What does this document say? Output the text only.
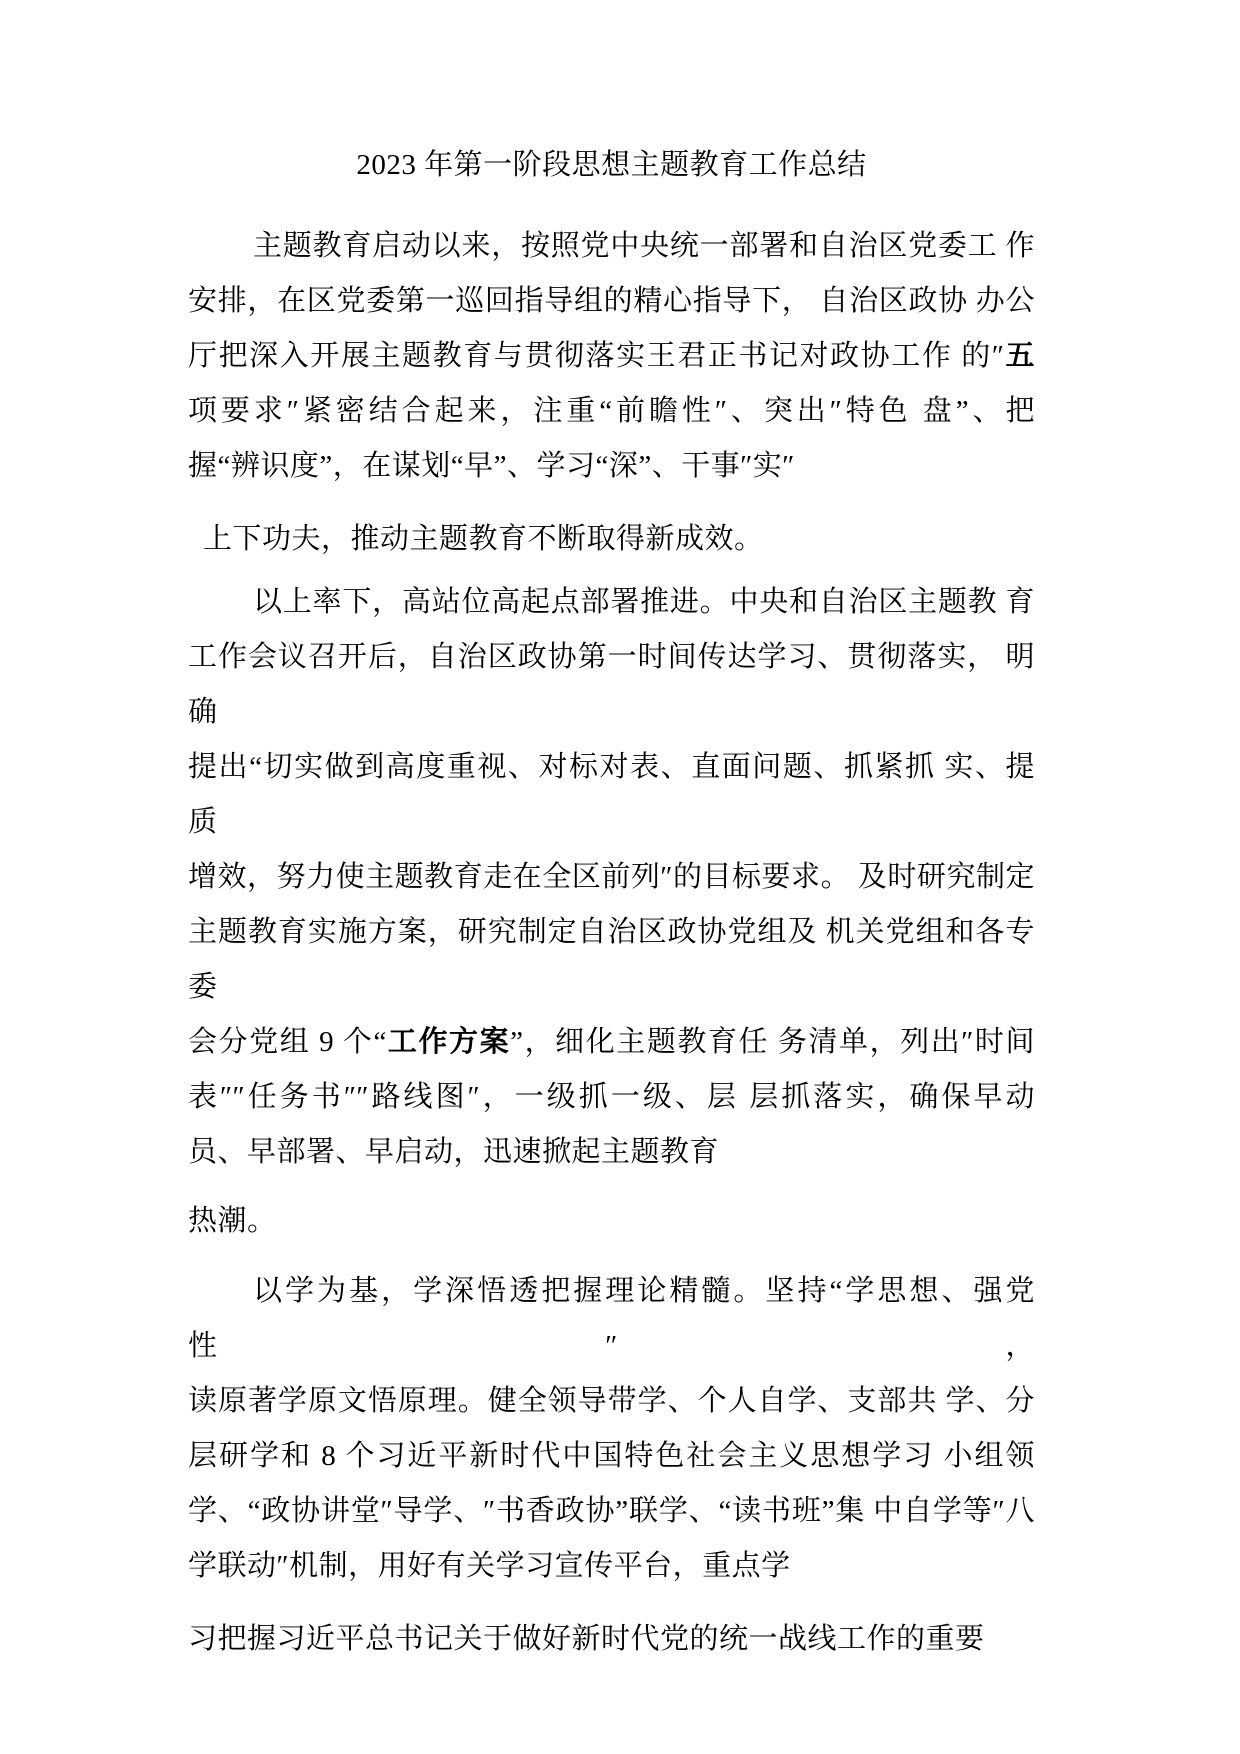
2023 年第一阶段思想主题教育工作总结
主题教育启动以来，按照党中央统一部署和自治区党委工 作
安排，在区党委第一巡回指导组的精心指导下， 自治区政协 办公
厅把深入开展主题教育与贯彻落实王君正书记对政协工作 的″五
项要求″紧密结合起来，注重“前瞻性″、突出″特色 盘”、把
握“辨识度”，在谋划“早”、学习“深”、干事″实″
上下功夫，推动主题教育不断取得新成效。
以上率下，高站位高起点部署推进。中央和自治区主题教 育
工作会议召开后，自治区政协第一时间传达学习、贯彻落实， 明确
提出“切实做到高度重视、对标对表、直面问题、抓紧抓 实、提质
增效，努力使主题教育走在全区前列″的目标要求。 及时研究制定
主题教育实施方案，研究制定自治区政协党组及 机关党组和各专委
会分党组 9 个“工作方案”，细化主题教育任 务清单，列出″时间
表″″任务书″″路线图″，一级抓一级、层 层抓落实，确保早动
员、早部署、早启动，迅速掀起主题教育
热潮。
以学为基，学深悟透把握理论精髓。坚持“学思想、强党 性″，
读原著学原文悟原理。健全领导带学、个人自学、支部共 学、分
层研学和 8 个习近平新时代中国特色社会主义思想学习 小组领
学、“政协讲堂″导学、″书香政协”联学、“读书班”集 中自学等″八
学联动″机制，用好有关学习宣传平台，重点学
习把握习近平总书记关于做好新时代党的统一战线工作的重要
